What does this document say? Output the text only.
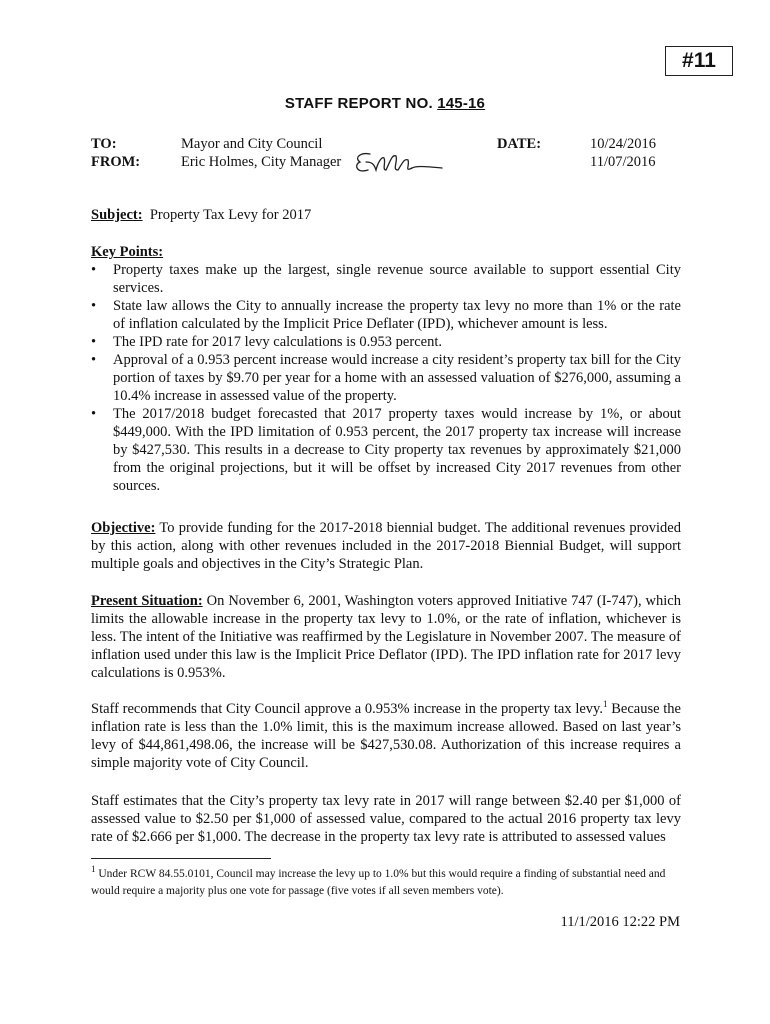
#11
STAFF REPORT NO. 145-16
TO:
FROM:
Mayor and City Council
Eric Holmes, City Manager
DATE:	10/24/2016
11/07/2016
Subject: Property Tax Levy for 2017
Key Points:
• Property taxes make up the largest, single revenue source available to support essential City services.
• State law allows the City to annually increase the property tax levy no more than 1% or the rate of inflation calculated by the Implicit Price Deflater (IPD), whichever amount is less.
• The IPD rate for 2017 levy calculations is 0.953 percent.
• Approval of a 0.953 percent increase would increase a city resident’s property tax bill for the City portion of taxes by $9.70 per year for a home with an assessed valuation of $276,000, assuming a 10.4% increase in assessed value of the property.
• The 2017/2018 budget forecasted that 2017 property taxes would increase by 1%, or about $449,000. With the IPD limitation of 0.953 percent, the 2017 property tax increase will increase by $427,530. This results in a decrease to City property tax revenues by approximately $21,000 from the original projections, but it will be offset by increased City 2017 revenues from other sources.
Objective: To provide funding for the 2017-2018 biennial budget. The additional revenues provided by this action, along with other revenues included in the 2017-2018 Biennial Budget, will support multiple goals and objectives in the City’s Strategic Plan.
Present Situation: On November 6, 2001, Washington voters approved Initiative 747 (I-747), which limits the allowable increase in the property tax levy to 1.0%, or the rate of inflation, whichever is less. The intent of the Initiative was reaffirmed by the Legislature in November 2007. The measure of inflation used under this law is the Implicit Price Deflator (IPD). The IPD inflation rate for 2017 levy calculations is 0.953%.
Staff recommends that City Council approve a 0.953% increase in the property tax levy.$^1$ Because the inflation rate is less than the 1.0% limit, this is the maximum increase allowed. Based on last year’s levy of $44,861,498.06, the increase will be $427,530.08. Authorization of this increase requires a simple majority vote of City Council.
Staff estimates that the City’s property tax levy rate in 2017 will range between $2.40 per $1,000 of assessed value to $2.50 per $1,000 of assessed value, compared to the actual 2016 property tax levy rate of $2.666 per $1,000. The decrease in the property tax levy rate is attributed to assessed values
$^1$ Under RCW 84.55.0101, Council may increase the levy up to 1.0% but this would require a finding of substantial need and would require a majority plus one vote for passage (five votes if all seven members vote).
11/1/2016 12:22 PM
